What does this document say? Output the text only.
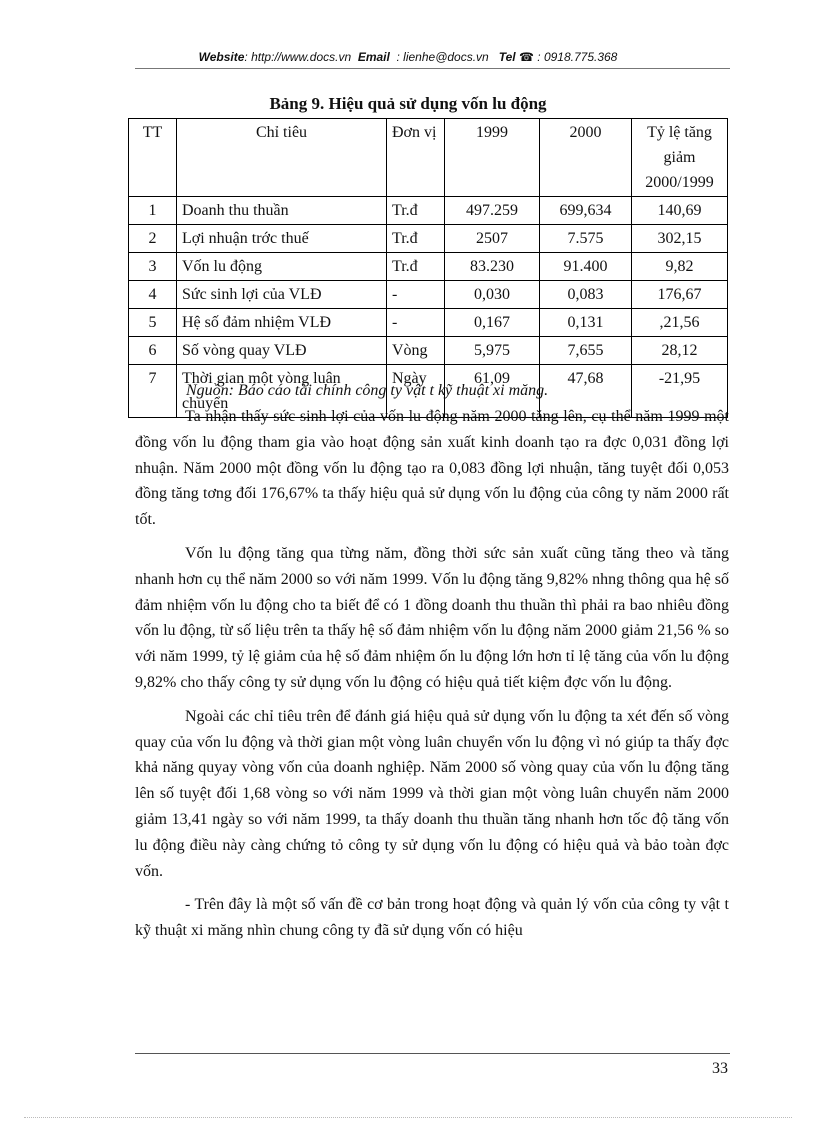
Website: http://www.docs.vn Email : lienhe@docs.vn Tel ☎ : 0918.775.368
Bảng 9. Hiệu quả sử dụng vốn lu động
TT	Chỉ tiêu	Đơn vị	1999	2000	Tỷ lệ tăng giảm 2000/1999
1	Doanh thu thuần	Tr.đ	497.259	699,634	140,69
2	Lợi nhuận trớc thuế	Tr.đ	2507	7.575	302,15
3	Vốn lu động	Tr.đ	83.230	91.400	9,82
4	Sức sinh lợi của VLĐ	-	0,030	0,083	176,67
5	Hệ số đảm nhiệm VLĐ	-	0,167	0,131	,21,56
6	Số vòng quay VLĐ	Vòng	5,975	7,655	28,12
7	Thời gian một vòng luân chuyển	Ngày	61,09	47,68	-21,95
Nguồn: Báo cáo tài chính công ty vật t kỹ thuật xi măng.

Ta nhận thấy sức sinh lợi của vốn lu động năm 2000 tăng lên, cụ thể năm 1999 một đồng vốn lu động tham gia vào hoạt động sản xuất kinh doanh tạo ra đợc 0,031 đồng lợi nhuận. Năm 2000 một đồng vốn lu động tạo ra 0,083 đồng lợi nhuận, tăng tuyệt đối 0,053 đồng tăng tơng đối 176,67% ta thấy hiệu quả sử dụng vốn lu động của công ty năm 2000 rất tốt.

Vốn lu động tăng qua từng năm, đồng thời sức sản xuất cũng tăng theo và tăng nhanh hơn cụ thể năm 2000 so với năm 1999. Vốn lu động tăng 9,82% nhng thông qua hệ số đảm nhiệm vốn lu động cho ta biết để có 1 đồng doanh thu thuần thì phải ra bao nhiêu đồng vốn lu động, từ số liệu trên ta thấy hệ số đảm nhiệm vốn lu động năm 2000 giảm 21,56 % so với năm 1999, tỷ lệ giảm của hệ số đảm nhiệm ốn lu động lớn hơn tỉ lệ tăng của vốn lu động 9,82% cho thấy công ty sử dụng vốn lu động có hiệu quả tiết kiệm đợc vốn lu động.

Ngoài các chỉ tiêu trên để đánh giá hiệu quả sử dụng vốn lu động ta xét đến số vòng quay của vốn lu động và thời gian một vòng luân chuyển vốn lu động vì nó giúp ta thấy đợc khả năng quyay vòng vốn của doanh nghiệp. Năm 2000 số vòng quay của vốn lu động tăng lên số tuyệt đối 1,68 vòng so với năm 1999 và thời gian một vòng luân chuyển năm 2000 giảm 13,41 ngày so với năm 1999, ta thấy doanh thu thuần tăng nhanh hơn tốc độ tăng vốn lu động điều này càng chứng tỏ công ty sử dụng vốn lu động có hiệu quả và bảo toàn đợc vốn.

- Trên đây là một số vấn đề cơ bản trong hoạt động và quản lý vốn của công ty vật t kỹ thuật xi măng nhìn chung công ty đã sử dụng vốn có hiệu

33
